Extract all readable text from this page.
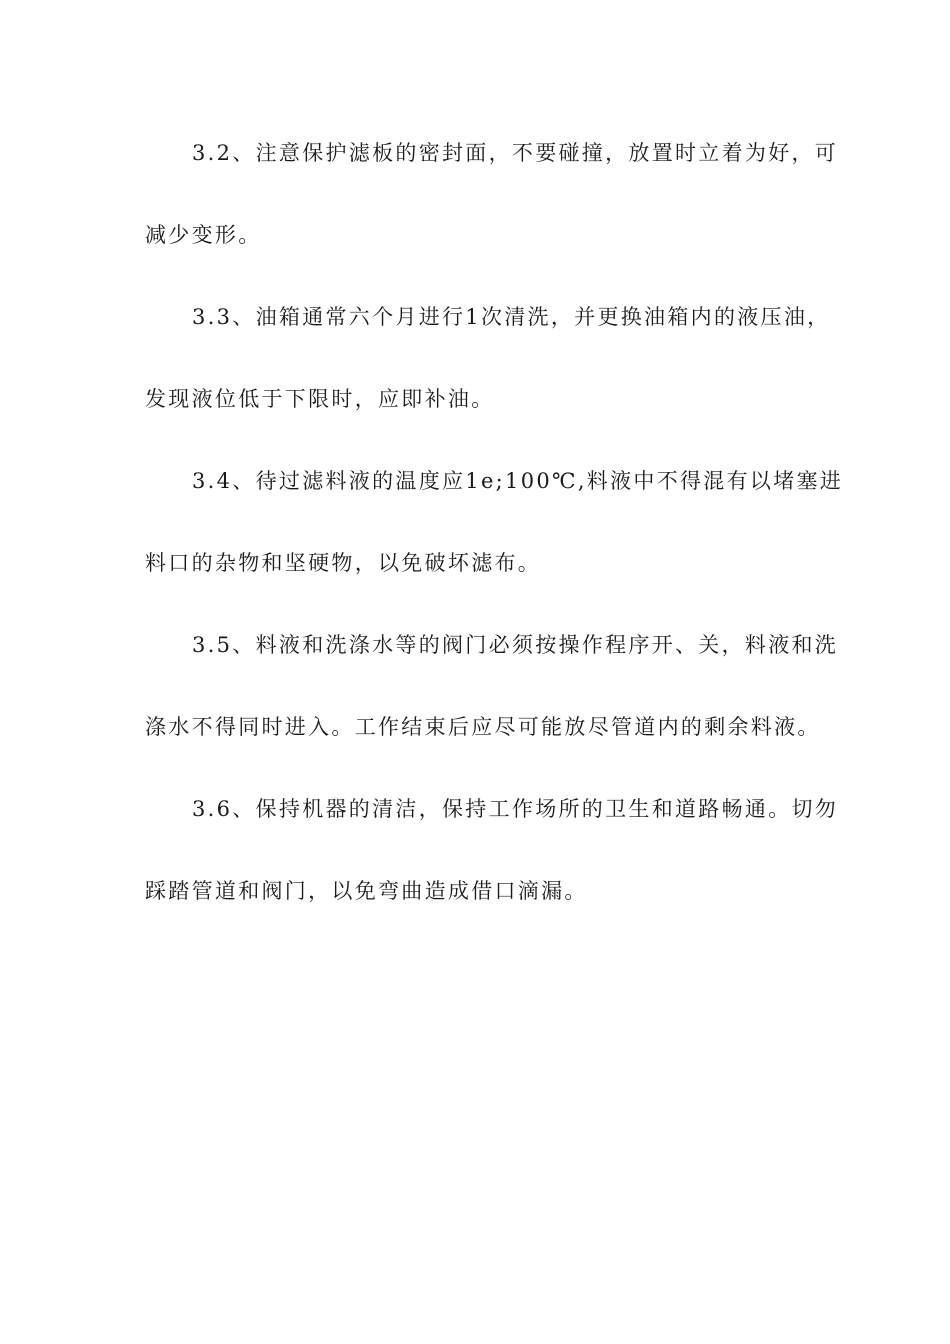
3.2、注意保护滤板的密封面，不要碰撞，放置时立着为好，可
减少变形。

3.3、油箱通常六个月进行1次清洗，并更换油箱内的液压油，
发现液位低于下限时，应即补油。

3.4、待过滤料液的温度应1e;100℃,料液中不得混有以堵塞进
料口的杂物和坚硬物，以免破坏滤布。

3.5、料液和洗涤水等的阀门必须按操作程序开、关，料液和洗
涤水不得同时进入。工作结束后应尽可能放尽管道内的剩余料液。

3.6、保持机器的清洁，保持工作场所的卫生和道路畅通。切勿
踩踏管道和阀门，以免弯曲造成借口滴漏。
